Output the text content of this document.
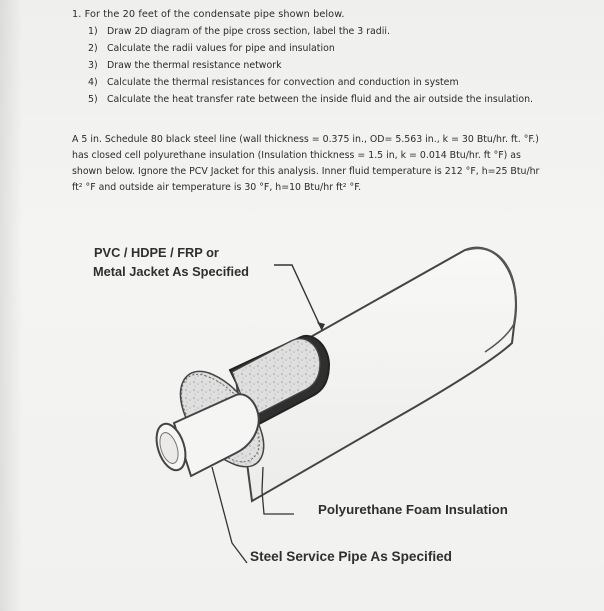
1. For the 20 feet of the condensate pipe shown below.
1) Draw 2D diagram of the pipe cross section, label the 3 radii.
2) Calculate the radii values for pipe and insulation
3) Draw the thermal resistance network
4) Calculate the thermal resistances for convection and conduction in system
5) Calculate the heat transfer rate between the inside fluid and the air outside the insulation.

A 5 in. Schedule 80 black steel line (wall thickness = 0.375 in., OD= 5.563 in., k = 30 Btu/hr. ft. °F.) has closed cell polyurethane insulation (Insulation thickness = 1.5 in, k = 0.014 Btu/hr. ft °F) as shown below. Ignore the PCV Jacket for this analysis. Inner fluid temperature is 212 °F, h=25 Btu/hr ft² °F and outside air temperature is 30 °F, h=10 Btu/hr ft² °F.

PVC / HDPE / FRP or
Metal Jacket As Specified
Polyurethane Foam Insulation
Steel Service Pipe As Specified
